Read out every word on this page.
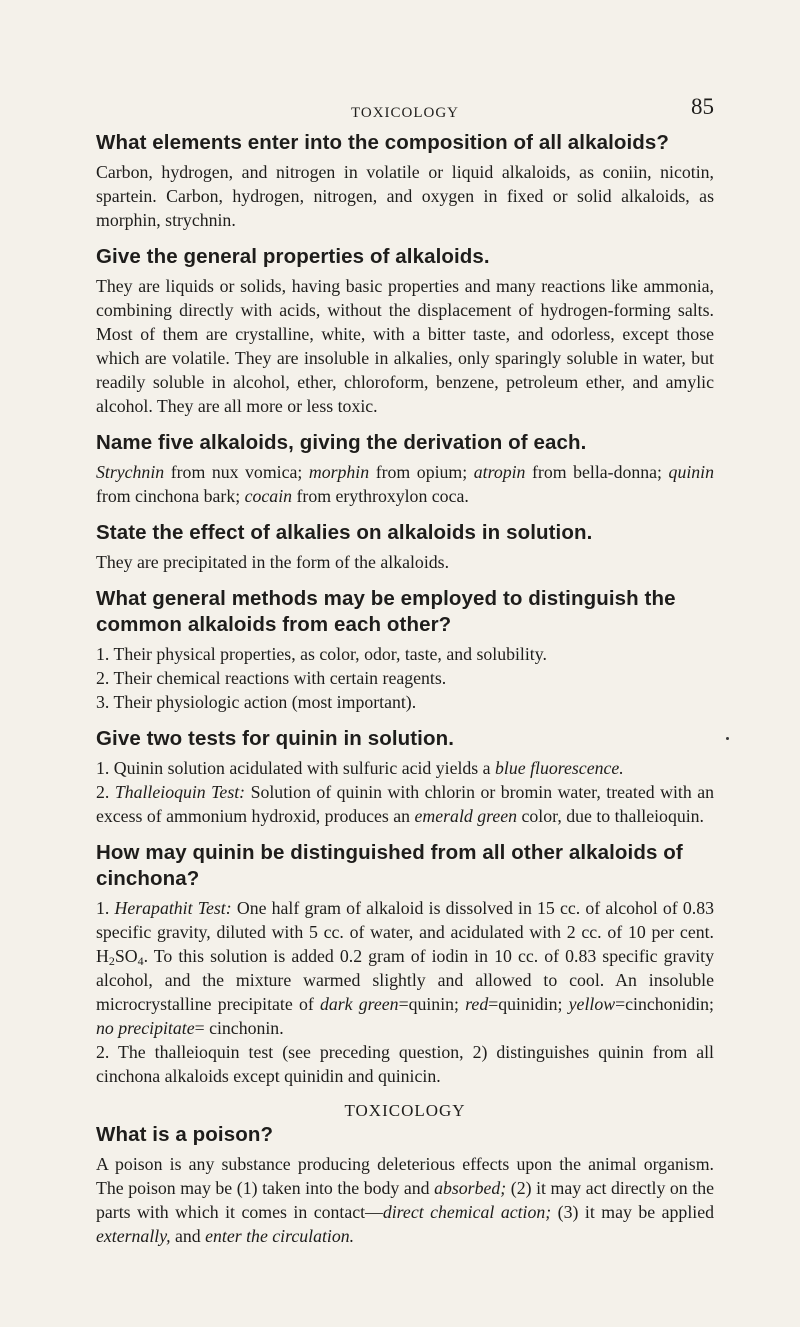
TOXICOLOGY	85
What elements enter into the composition of all alkaloids?

Carbon, hydrogen, and nitrogen in volatile or liquid alkaloids, as coniin, nicotin, spartein. Carbon, hydrogen, nitrogen, and oxygen in fixed or solid alkaloids, as morphin, strychnin.

Give the general properties of alkaloids.

They are liquids or solids, having basic properties and many reactions like ammonia, combining directly with acids, without the displacement of hydrogen-forming salts. Most of them are crystalline, white, with a bitter taste, and odorless, except those which are volatile. They are insoluble in alkalies, only sparingly soluble in water, but readily soluble in alcohol, ether, chloroform, benzene, petroleum ether, and amylic alcohol. They are all more or less toxic.

Name five alkaloids, giving the derivation of each.

Strychnin from nux vomica; morphin from opium; atropin from bella-donna; quinin from cinchona bark; cocain from erythroxylon coca.

State the effect of alkalies on alkaloids in solution.

They are precipitated in the form of the alkaloids.

What general methods may be employed to distinguish the common alkaloids from each other?

1. Their physical properties, as color, odor, taste, and solubility.

2. Their chemical reactions with certain reagents.

3. Their physiologic action (most important).

Give two tests for quinin in solution.

1. Quinin solution acidulated with sulfuric acid yields a blue fluorescence.

2. Thalleioquin Test: Solution of quinin with chlorin or bromin water, treated with an excess of ammonium hydroxid, produces an emerald green color, due to thalleioquin.

How may quinin be distinguished from all other alkaloids of cinchona?

1. Herapathit Test: One half gram of alkaloid is dissolved in 15 cc. of alcohol of 0.83 specific gravity, diluted with 5 cc. of water, and acidulated with 2 cc. of 10 per cent. $H_2SO_4$. To this solution is added 0.2 gram of iodin in 10 cc. of 0.83 specific gravity alcohol, and the mixture warmed slightly and allowed to cool. An insoluble microcrystalline precipitate of dark green=quinin; red=quinidin; yellow=cinchonidin; no precipitate= cinchonin.

2. The thalleioquin test (see preceding question, 2) distinguishes quinin from all cinchona alkaloids except quinidin and quinicin.

TOXICOLOGY
What is a poison?

A poison is any substance producing deleterious effects upon the animal organism. The poison may be (1) taken into the body and absorbed; (2) it may act directly on the parts with which it comes in contact—direct chemical action; (3) it may be applied externally, and enter the circulation.
